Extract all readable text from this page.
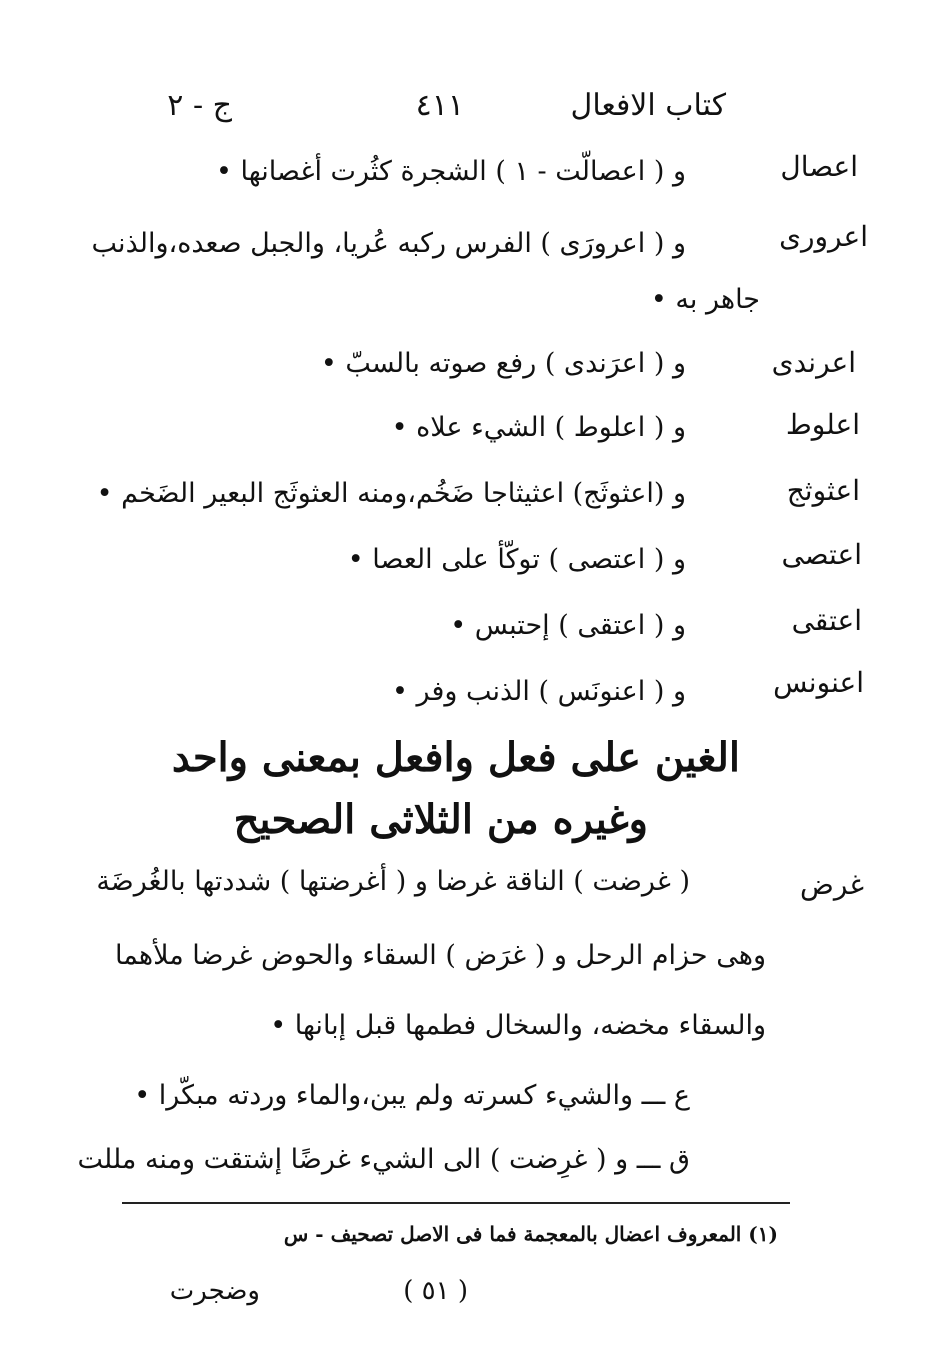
كتاب الافعال
٤١١
ج - ٢
اعصال
و ( اعصالّت - ١ ) الشجرة كثُرت أغصانها •
اعرورى
و ( اعرورَى ) الفرس ركبه عُريا، والجبل صعده،والذنب
جاهر به •
اعرندى
و ( اعرَندى ) رفع صوته بالسبّ •
اعلوط
و ( اعلوط ) الشيء علاه •
اعثوثج
و (اعثوثَج) اعثيثاجا ضَخُم،ومنه العثوثَج البعير الضَخم •
اعتصى
و ( اعتصى ) توكّأ على العصا •
اعتقى
و ( اعتقى ) إحتبس •
اعنونس
و ( اعنونَس ) الذنب وفر •
الغين على فعل وافعل بمعنى واحد
وغيره من الثلاثى الصحيح
غرض
( غرضت ) الناقة غرضا و ( أغرضتها ) شددتها بالغُرضَة
وهى حزام الرحل و ( غرَض ) السقاء والحوض غرضا ملأهما
والسقاء مخضه، والسخال فطمها قبل إبانها •
ع ـــ والشيء كسرته ولم يبن،والماء وردته مبكّرا •
ق ـــ و ( غرِضت ) الى الشيء غرضًا إشتقت ومنه مللت
(١) المعروف اعضال بالمعجمة فما فى الاصل تصحيف - س
( ٥١ )
وضجرت
